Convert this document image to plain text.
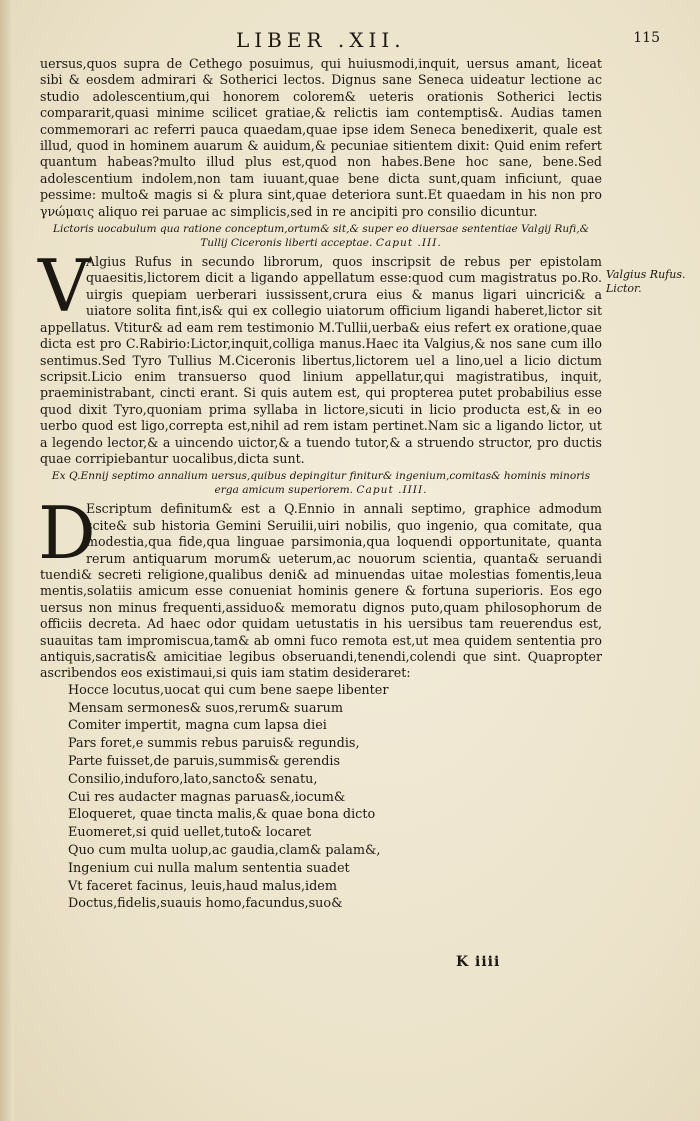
LIBER .XII.	115

uersus,quos supra de Cethego posuimus, qui huiusmodi,inquit, uersus amant, liceat sibi & eosdem admirari & Sotherici lectos. Dignus sane Seneca uideatur lectione ac studio adolescentium,qui honorem colorem& ueteris orationis Sotherici lectis compararit,quasi minime scilicet gratiae,& relictis iam contemptis&. Audias tamen commemorari ac referri pauca quaedam,quae ipse idem Seneca benedixerit, quale est illud, quod in hominem auarum & auidum,& pecuniae sitientem dixit: Quid enim refert quantum habeas?multo illud plus est,quod non habes.Bene hoc sane, bene.Sed adolescentium indolem,non tam iuuant,quae bene dicta sunt,quam inficiunt, quae pessime: multo& magis si & plura sint,quae deteriora sunt.Et quaedam in his non pro γνώμαις aliquo rei paruae ac simplicis,sed in re ancipiti pro consilio dicuntur.

Lictoris uocabulum qua ratione conceptum,ortum& sit,& super eo diuersae sententiae Valgij Rufi,& Tullij Ciceronis liberti acceptae. Caput .III.

V
Algius Rufus in secundo librorum, quos inscripsit de rebus per epistolam quaesitis,lictorem dicit a ligando appellatum esse:quod cum magistratus po.Ro. uirgis quepiam uerberari iussissent,crura eius & manus ligari uincrici& a uiatore solita fint,is& qui ex collegio uiatorum officium ligandi haberet,lictor sit appellatus. Vtitur& ad eam rem testimonio M.Tullii,uerba& eius refert ex oratione,quae dicta est pro C.Rabirio:Lictor,inquit,colliga manus.Haec ita Valgius,& nos sane cum illo sentimus.Sed Tyro Tullius M.Ciceronis libertus,lictorem uel a lino,uel a licio dictum scripsit.Licio enim transuerso quod linium appellatur,qui magistratibus, inquit, praeministrabant, cincti erant. Si quis autem est, qui propterea putet probabilius esse quod dixit Tyro,quoniam prima syllaba in lictore,sicuti in licio producta est,& in eo uerbo quod est ligo,correpta est,nihil ad rem istam pertinet.Nam sic a ligando lictor, ut a legendo lector,& a uincendo uictor,& a tuendo tutor,& a struendo structor, pro ductis quae corripiebantur uocalibus,dicta sunt.

Ex Q.Ennij septimo annalium uersus,quibus depingitur finitur& ingenium,comitas& hominis minoris erga amicum superiorem. Caput .IIII.

D
Escriptum definitum& est a Q.Ennio in annali septimo, graphice admodum scite& sub historia Gemini Seruilii,uiri nobilis, quo ingenio, qua comitate, qua modestia,qua fide,qua linguae parsimonia,qua loquendi opportunitate, quanta rerum antiquarum morum& ueterum,ac nouorum scientia, quanta& seruandi tuendi& secreti religione,qualibus deni& ad minuendas uitae molestias fomentis,leua mentis,solatiis amicum esse conueniat hominis genere & fortuna superioris. Eos ego uersus non minus frequenti,assiduo& memoratu dignos puto,quam philosophorum de officiis decreta. Ad haec odor quidam uetustatis in his uersibus tam reuerendus est, suauitas tam impromiscua,tam& ab omni fuco remota est,ut mea quidem sententia pro antiquis,sacratis& amicitiae legibus obseruandi,tenendi,colendi que sint. Quapropter ascribendos eos existimaui,si quis iam statim desideraret:

Hocce locutus,uocat qui cum bene saepe libenter
Mensam sermones& suos,rerum& suarum
Comiter impertit, magna cum lapsa diei
Pars foret,e summis rebus paruis& regundis,
Parte fuisset,de paruis,summis& gerendis
Consilio,induforo,lato,sancto& senatu,
Cui res audacter magnas paruas&,iocum&
Eloqueret, quae tincta malis,& quae bona dicto
Euomeret,si quid uellet,tuto& locaret
Quo cum multa uolup,ac gaudia,clam& palam&,
Ingenium cui nulla malum sententia suadet
Vt faceret facinus, leuis,haud malus,idem
Doctus,fidelis,suauis homo,facundus,suo&
Valgius Rufus. Lictor.
K iiii
